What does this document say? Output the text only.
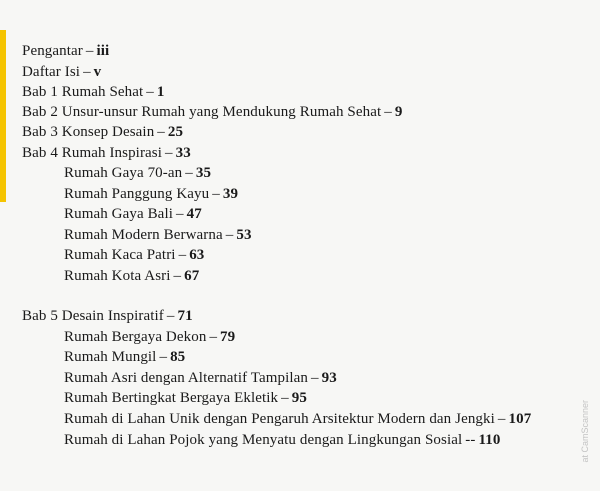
Pengantar – iii
Daftar Isi – v
Bab 1 Rumah Sehat – 1
Bab 2 Unsur-unsur Rumah yang Mendukung Rumah Sehat – 9
Bab 3 Konsep Desain – 25
Bab 4 Rumah Inspirasi – 33
Rumah Gaya 70-an – 35
Rumah Panggung Kayu – 39
Rumah Gaya Bali – 47
Rumah Modern Berwarna – 53
Rumah Kaca Patri – 63
Rumah Kota Asri – 67
Bab 5 Desain Inspiratif – 71
Rumah Bergaya Dekon – 79
Rumah Mungil – 85
Rumah Asri dengan Alternatif Tampilan – 93
Rumah Bertingkat Bergaya Ekletik – 95
Rumah di Lahan Unik dengan Pengaruh Arsitektur Modern dan Jengki – 107
Rumah di Lahan Pojok yang Menyatu dengan Lingkungan Sosial -- 110	at CamScanner
